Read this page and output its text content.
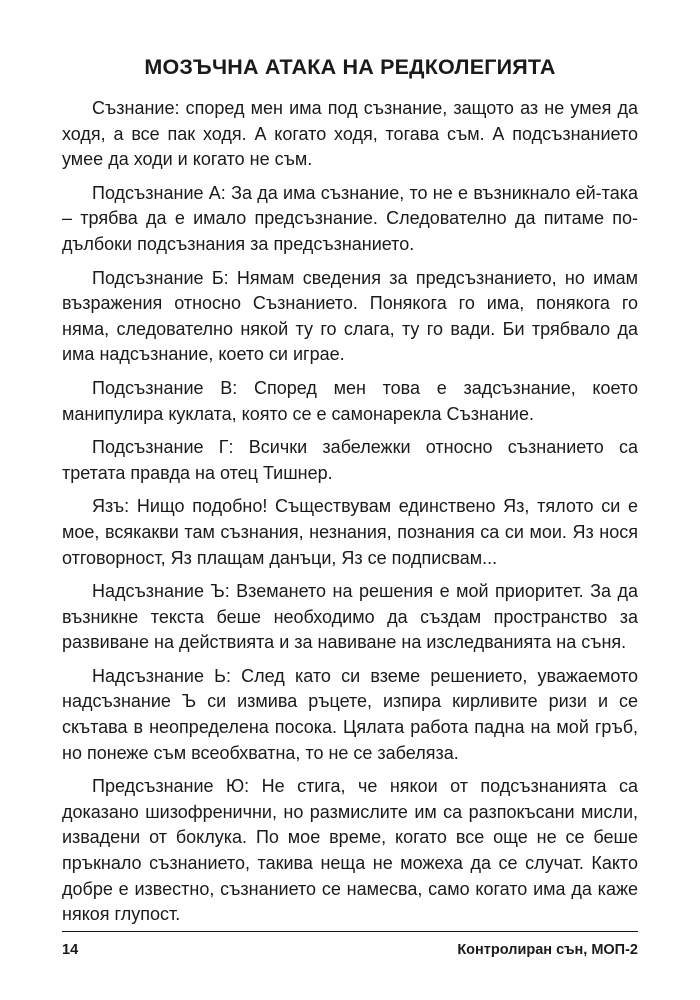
МОЗЪЧНА АТАКА НА РЕДКОЛЕГИЯТА

Съзнание: според мен има под съзнание, защото аз не умея да ходя, а все пак ходя. А когато ходя, тогава съм. А подсъзнанието умее да ходи и когато не съм.

Подсъзнание А: За да има съзнание, то не е възникнало ей-така – трябва да е имало предсъзнание. Следователно да питаме по-дълбоки подсъзнания за предсъзнанието.

Подсъзнание Б: Нямам сведения за предсъзнанието, но имам възражения относно Съзнанието. Понякога го има, понякога го няма, следователно някой ту го слага, ту го вади. Би трябвало да има надсъзнание, което си играе.

Подсъзнание В: Според мен това е задсъзнание, което манипулира куклата, която се е самонарекла Съзнание.

Подсъзнание Г: Всички забележки относно съзнанието са третата правда на отец Тишнер.

Язъ: Нищо подобно! Съществувам единствено Яз, тялото си е мое, всякакви там съзнания, незнания, познания са си мои. Яз нося отговорност, Яз плащам данъци, Яз се подписвам...

Надсъзнание Ъ: Вземането на решения е мой приоритет. За да възникне текста беше необходимо да създам пространство за развиване на действията и за навиване на изследванията на съня.

Надсъзнание Ь: След като си вземе решението, уважаемото надсъзнание Ъ си измива ръцете, изпира кирливите ризи и се скътава в неопределена посока. Цялата работа падна на мой гръб, но понеже съм всеобхватна, то не се забеляза.

Предсъзнание Ю: Не стига, че някои от подсъзнанията са доказано шизофренични, но размислите им са разпокъсани мисли, извадени от боклука. По мое време, когато все още не се беше пръкнало съзнанието, такива неща не можеха да се случат. Както добре е известно, съзнанието се намесва, само когато има да каже някоя глупост.

14	Контролиран сън, МОП-2
